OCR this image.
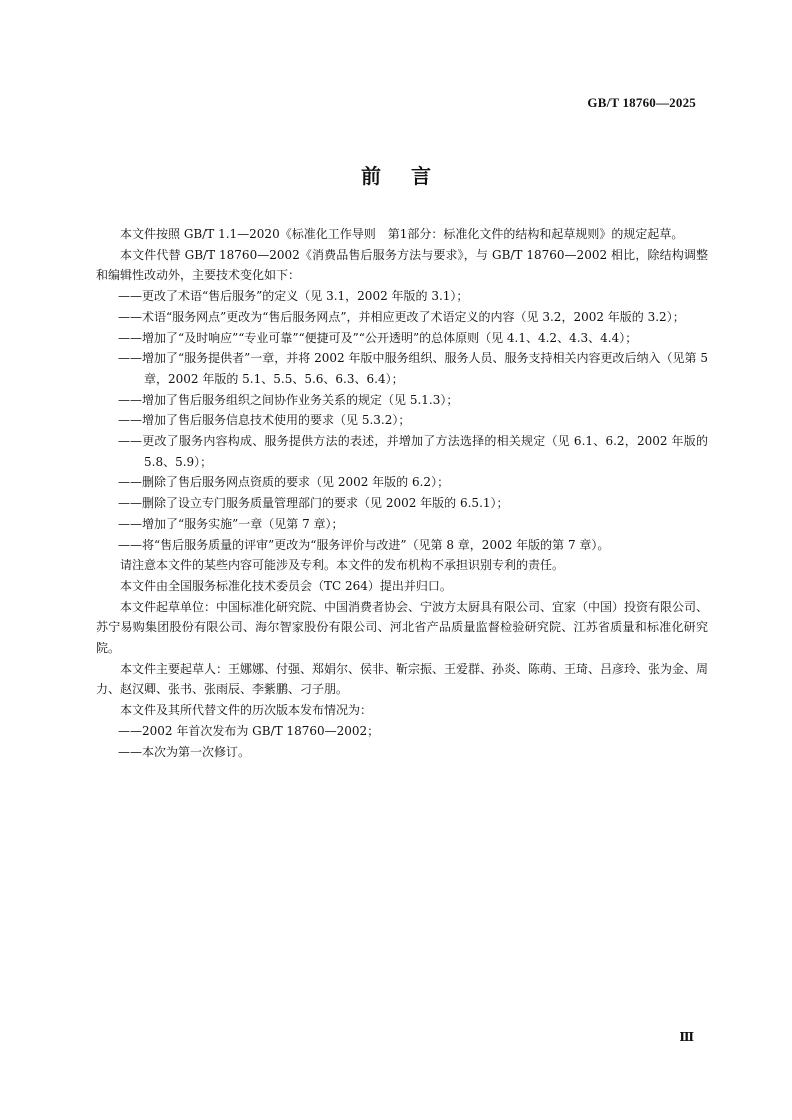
GB/T 18760—2025
前言

本文件按照 GB/T 1.1—2020《标准化工作导则　第1部分：标准化文件的结构和起草规则》的规定起草。

本文件代替 GB/T 18760—2002《消费品售后服务方法与要求》，与 GB/T 18760—2002 相比，除结构调整和编辑性改动外，主要技术变化如下：

——更改了术语“售后服务”的定义（见 3.1，2002 年版的 3.1）；

——术语“服务网点”更改为“售后服务网点”，并相应更改了术语定义的内容（见 3.2，2002 年版的 3.2）；

——增加了“及时响应”“专业可靠”“便捷可及”“公开透明”的总体原则（见 4.1、4.2、4.3、4.4）；

——增加了“服务提供者”一章，并将 2002 年版中服务组织、服务人员、服务支持相关内容更改后纳入（见第 5 章，2002 年版的 5.1、5.5、5.6、6.3、6.4）；

——增加了售后服务组织之间协作业务关系的规定（见 5.1.3）；

——增加了售后服务信息技术使用的要求（见 5.3.2）；

——更改了服务内容构成、服务提供方法的表述，并增加了方法选择的相关规定（见 6.1、6.2，2002 年版的 5.8、5.9）；

——删除了售后服务网点资质的要求（见 2002 年版的 6.2）；

——删除了设立专门服务质量管理部门的要求（见 2002 年版的 6.5.1）；

——增加了“服务实施”一章（见第 7 章）；

——将“售后服务质量的评审”更改为“服务评价与改进”（见第 8 章，2002 年版的第 7 章）。

请注意本文件的某些内容可能涉及专利。本文件的发布机构不承担识别专利的责任。

本文件由全国服务标准化技术委员会（TC 264）提出并归口。

本文件起草单位：中国标准化研究院、中国消费者协会、宁波方太厨具有限公司、宜家（中国）投资有限公司、苏宁易购集团股份有限公司、海尔智家股份有限公司、河北省产品质量监督检验研究院、江苏省质量和标准化研究院。

本文件主要起草人：王娜娜、付强、郑娟尔、侯非、靳宗振、王爱群、孙炎、陈萌、王琦、吕彦玲、张为金、周力、赵汉卿、张书、张雨辰、李紫鹏、刁子朋。

本文件及其所代替文件的历次版本发布情况为：

——2002 年首次发布为 GB/T 18760—2002；

——本次为第一次修订。

Ⅲ
